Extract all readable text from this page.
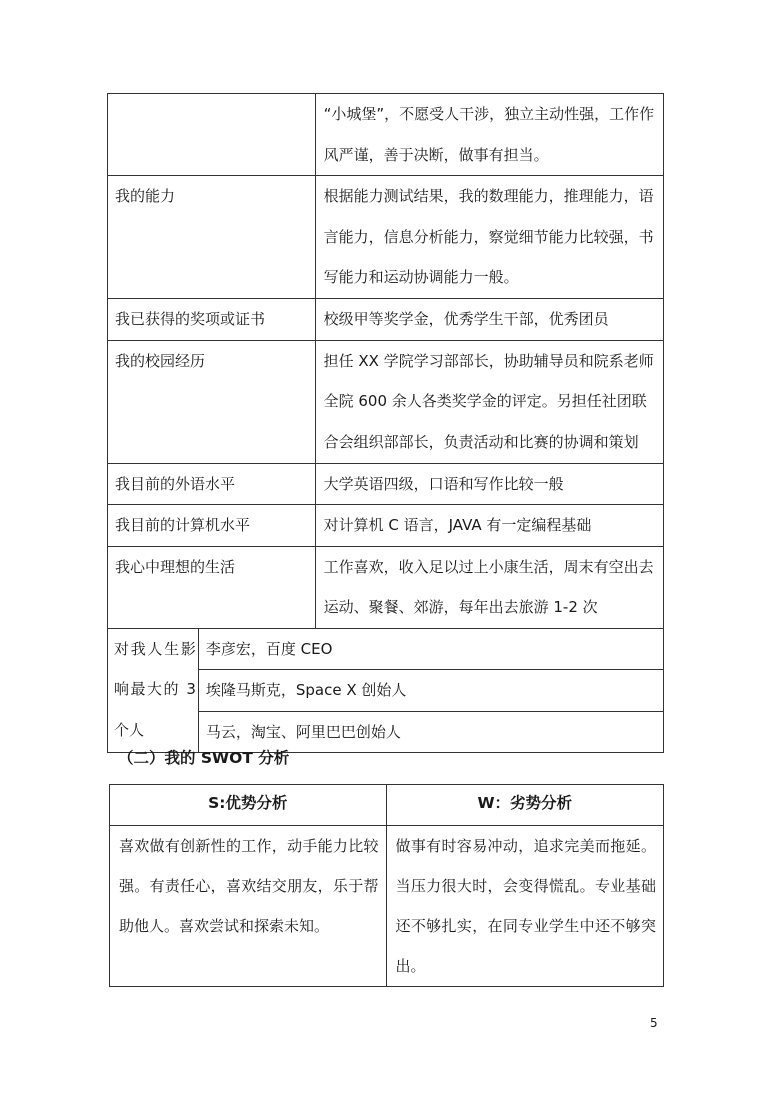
		“小城堡”，不愿受人干涉，独立主动性强，工作作风严谨，善于决断，做事有担当。
我的能力		根据能力测试结果，我的数理能力，推理能力，语言能力，信息分析能力，察觉细节能力比较强，书写能力和运动协调能力一般。
我已获得的奖项或证书		校级甲等奖学金，优秀学生干部，优秀团员
我的校园经历		担任 XX 学院学习部部长，协助辅导员和院系老师全院 600 余人各类奖学金的评定。另担任社团联合会组织部部长，负责活动和比赛的协调和策划
我目前的外语水平		大学英语四级，口语和写作比较一般
我目前的计算机水平		对计算机 C 语言，JAVA 有一定编程基础
我心中理想的生活		工作喜欢，收入足以过上小康生活，周末有空出去运动、聚餐、郊游，每年出去旅游 1-2 次
对我人生影响最大的 3 个人	李彦宏，百度 CEO	
	埃隆马斯克，Space X 创始人	
	马云，淘宝、阿里巴巴创始人	
（二）我的 SWOT 分析
S:优势分析	W：劣势分析
喜欢做有创新性的工作，动手能力比较强。有责任心，喜欢结交朋友，乐于帮助他人。喜欢尝试和探索未知。	做事有时容易冲动，追求完美而拖延。当压力很大时，会变得慌乱。专业基础还不够扎实，在同专业学生中还不够突出。
5
